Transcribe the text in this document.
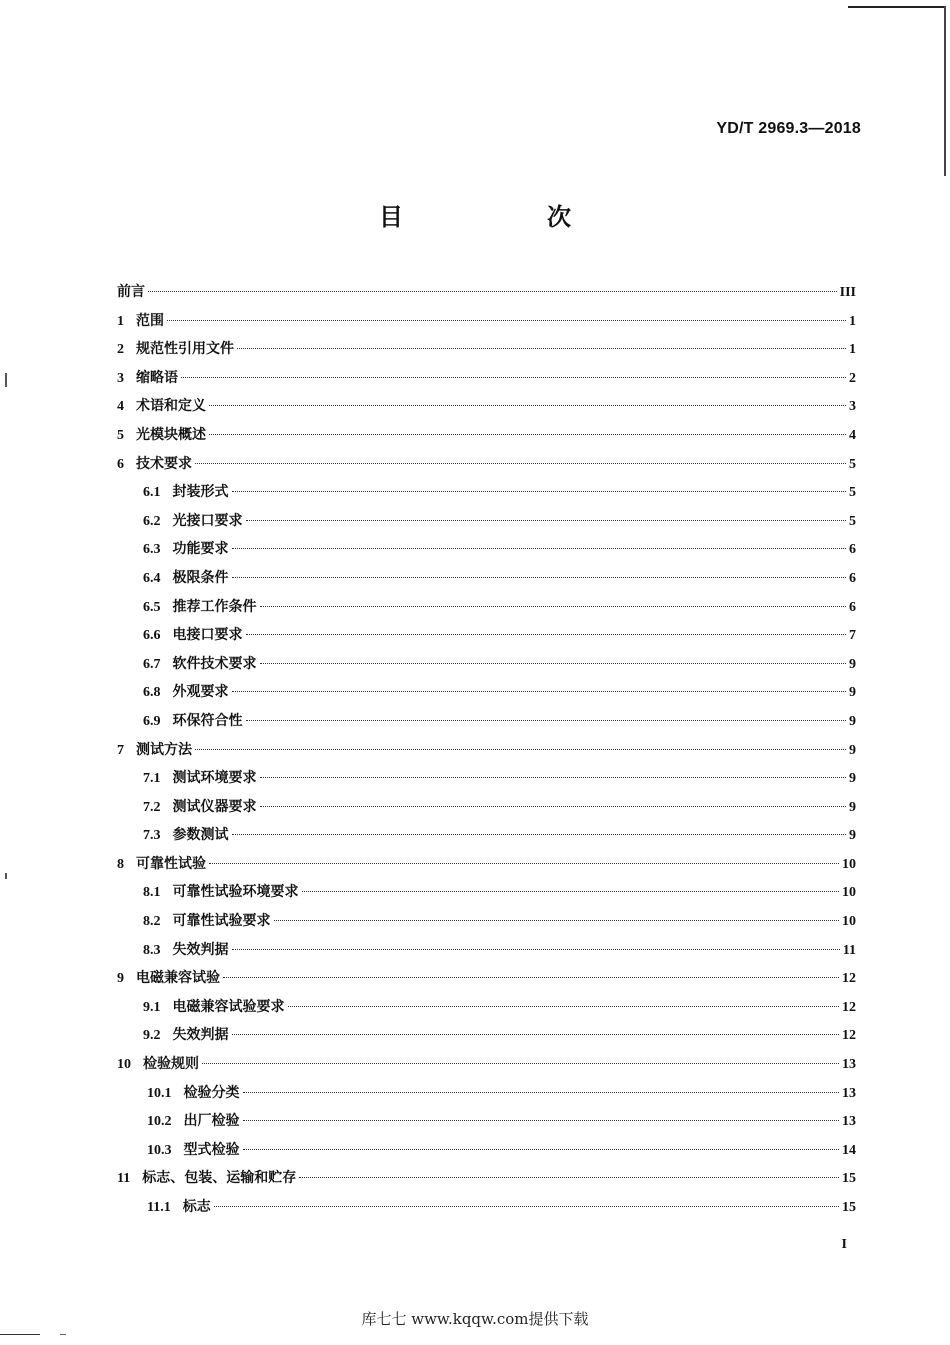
YD/T 2969.3—2018
目　次
前言	III
1 范围	1
2 规范性引用文件	1
3 缩略语	2
4 术语和定义	3
5 光模块概述	4
6 技术要求	5
6.1 封装形式	5
6.2 光接口要求	5
6.3 功能要求	6
6.4 极限条件	6
6.5 推荐工作条件	6
6.6 电接口要求	7
6.7 软件技术要求	9
6.8 外观要求	9
6.9 环保符合性	9
7 测试方法	9
7.1 测试环境要求	9
7.2 测试仪器要求	9
7.3 参数测试	9
8 可靠性试验	10
8.1 可靠性试验环境要求	10
8.2 可靠性试验要求	10
8.3 失效判据	11
9 电磁兼容试验	12
9.1 电磁兼容试验要求	12
9.2 失效判据	12
10 检验规则	13
10.1 检验分类	13
10.2 出厂检验	13
10.3 型式检验	14
11 标志、包装、运输和贮存	15
11.1 标志	15
I
库七七 www.kqqw.com提供下载
